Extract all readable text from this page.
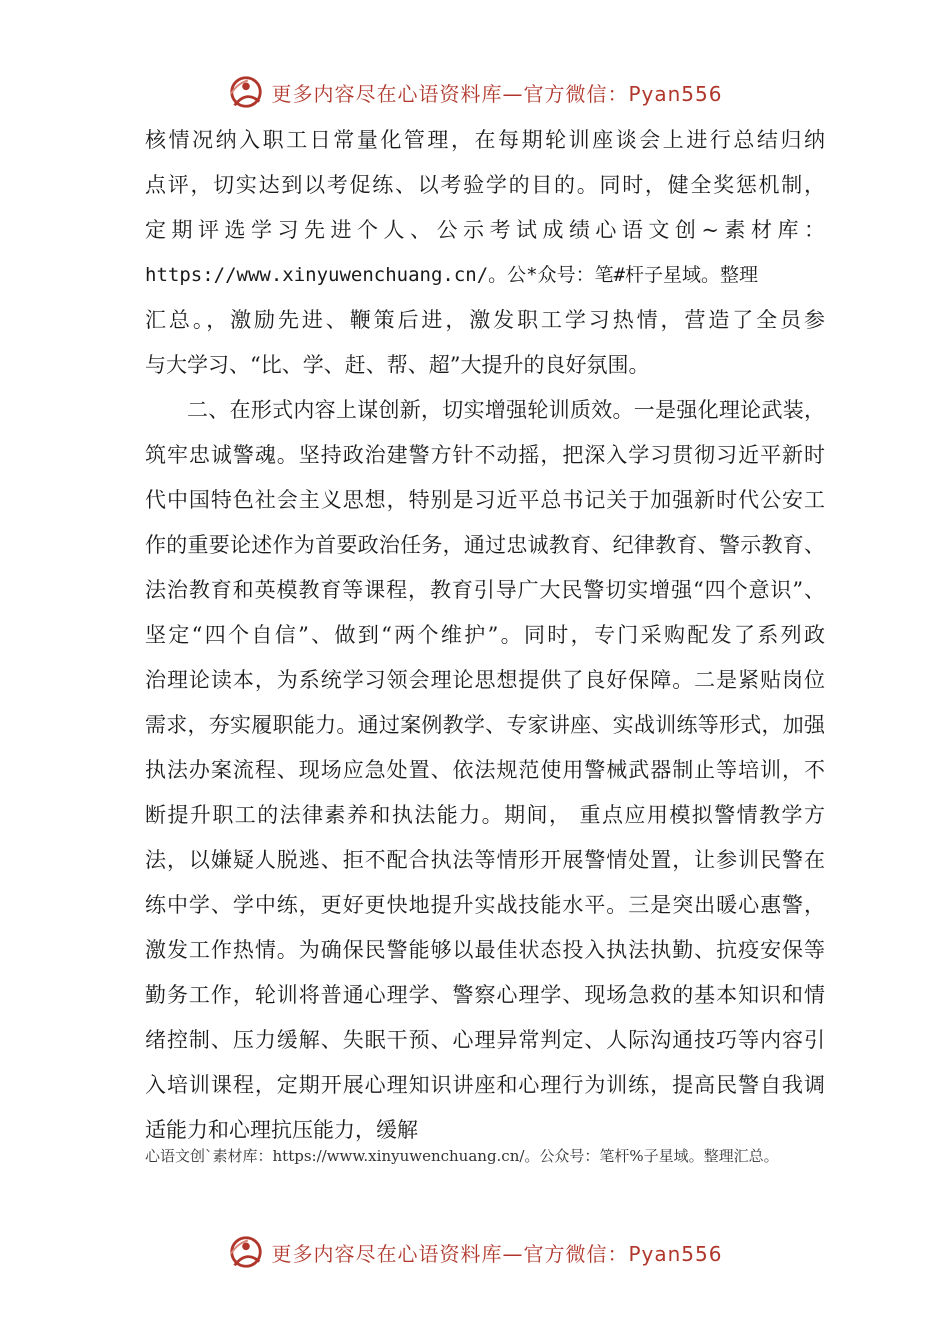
更多内容尽在心语资料库—官方微信：Pyan556
核情况纳入职工日常量化管理，在每期轮训座谈会上进行总结归纳
点评，切实达到以考促练、以考验学的目的。同时，健全奖惩机制，
定期评选学习先进个人、公示考试成绩心语文创~素材库：
https://www.xinyuwenchuang.cn/。公*众号：笔#杆子星域。整理
汇总。，激励先进、鞭策后进，激发职工学习热情，营造了全员参
与大学习、“比、学、赶、帮、超”大提升的良好氛围。
二、在形式内容上谋创新，切实增强轮训质效。一是强化理论武装，
筑牢忠诚警魂。坚持政治建警方针不动摇，把深入学习贯彻习近平新时
代中国特色社会主义思想，特别是习近平总书记关于加强新时代公安工
作的重要论述作为首要政治任务，通过忠诚教育、纪律教育、警示教育、
法治教育和英模教育等课程，教育引导广大民警切实增强“四个意识”、
坚定“四个自信”、做到“两个维护”。同时，专门采购配发了系列政
治理论读本，为系统学习领会理论思想提供了良好保障。二是紧贴岗位
需求，夯实履职能力。通过案例教学、专家讲座、实战训练等形式，加强
执法办案流程、现场应急处置、依法规范使用警械武器制止等培训，不
断提升职工的法律素养和执法能力。期间， 重点应用模拟警情教学方
法，以嫌疑人脱逃、拒不配合执法等情形开展警情处置，让参训民警在
练中学、学中练，更好更快地提升实战技能水平。三是突出暖心惠警，
激发工作热情。为确保民警能够以最佳状态投入执法执勤、抗疫安保等
勤务工作，轮训将普通心理学、警察心理学、现场急救的基本知识和情
绪控制、压力缓解、失眠干预、心理异常判定、人际沟通技巧等内容引
入培训课程，定期开展心理知识讲座和心理行为训练，提高民警自我调
适能力和心理抗压能力，缓解
心语文创`素材库：https://www.xinyuwenchuang.cn/。公众号：笔杆%子星域。整理汇总。
更多内容尽在心语资料库—官方微信：Pyan556
